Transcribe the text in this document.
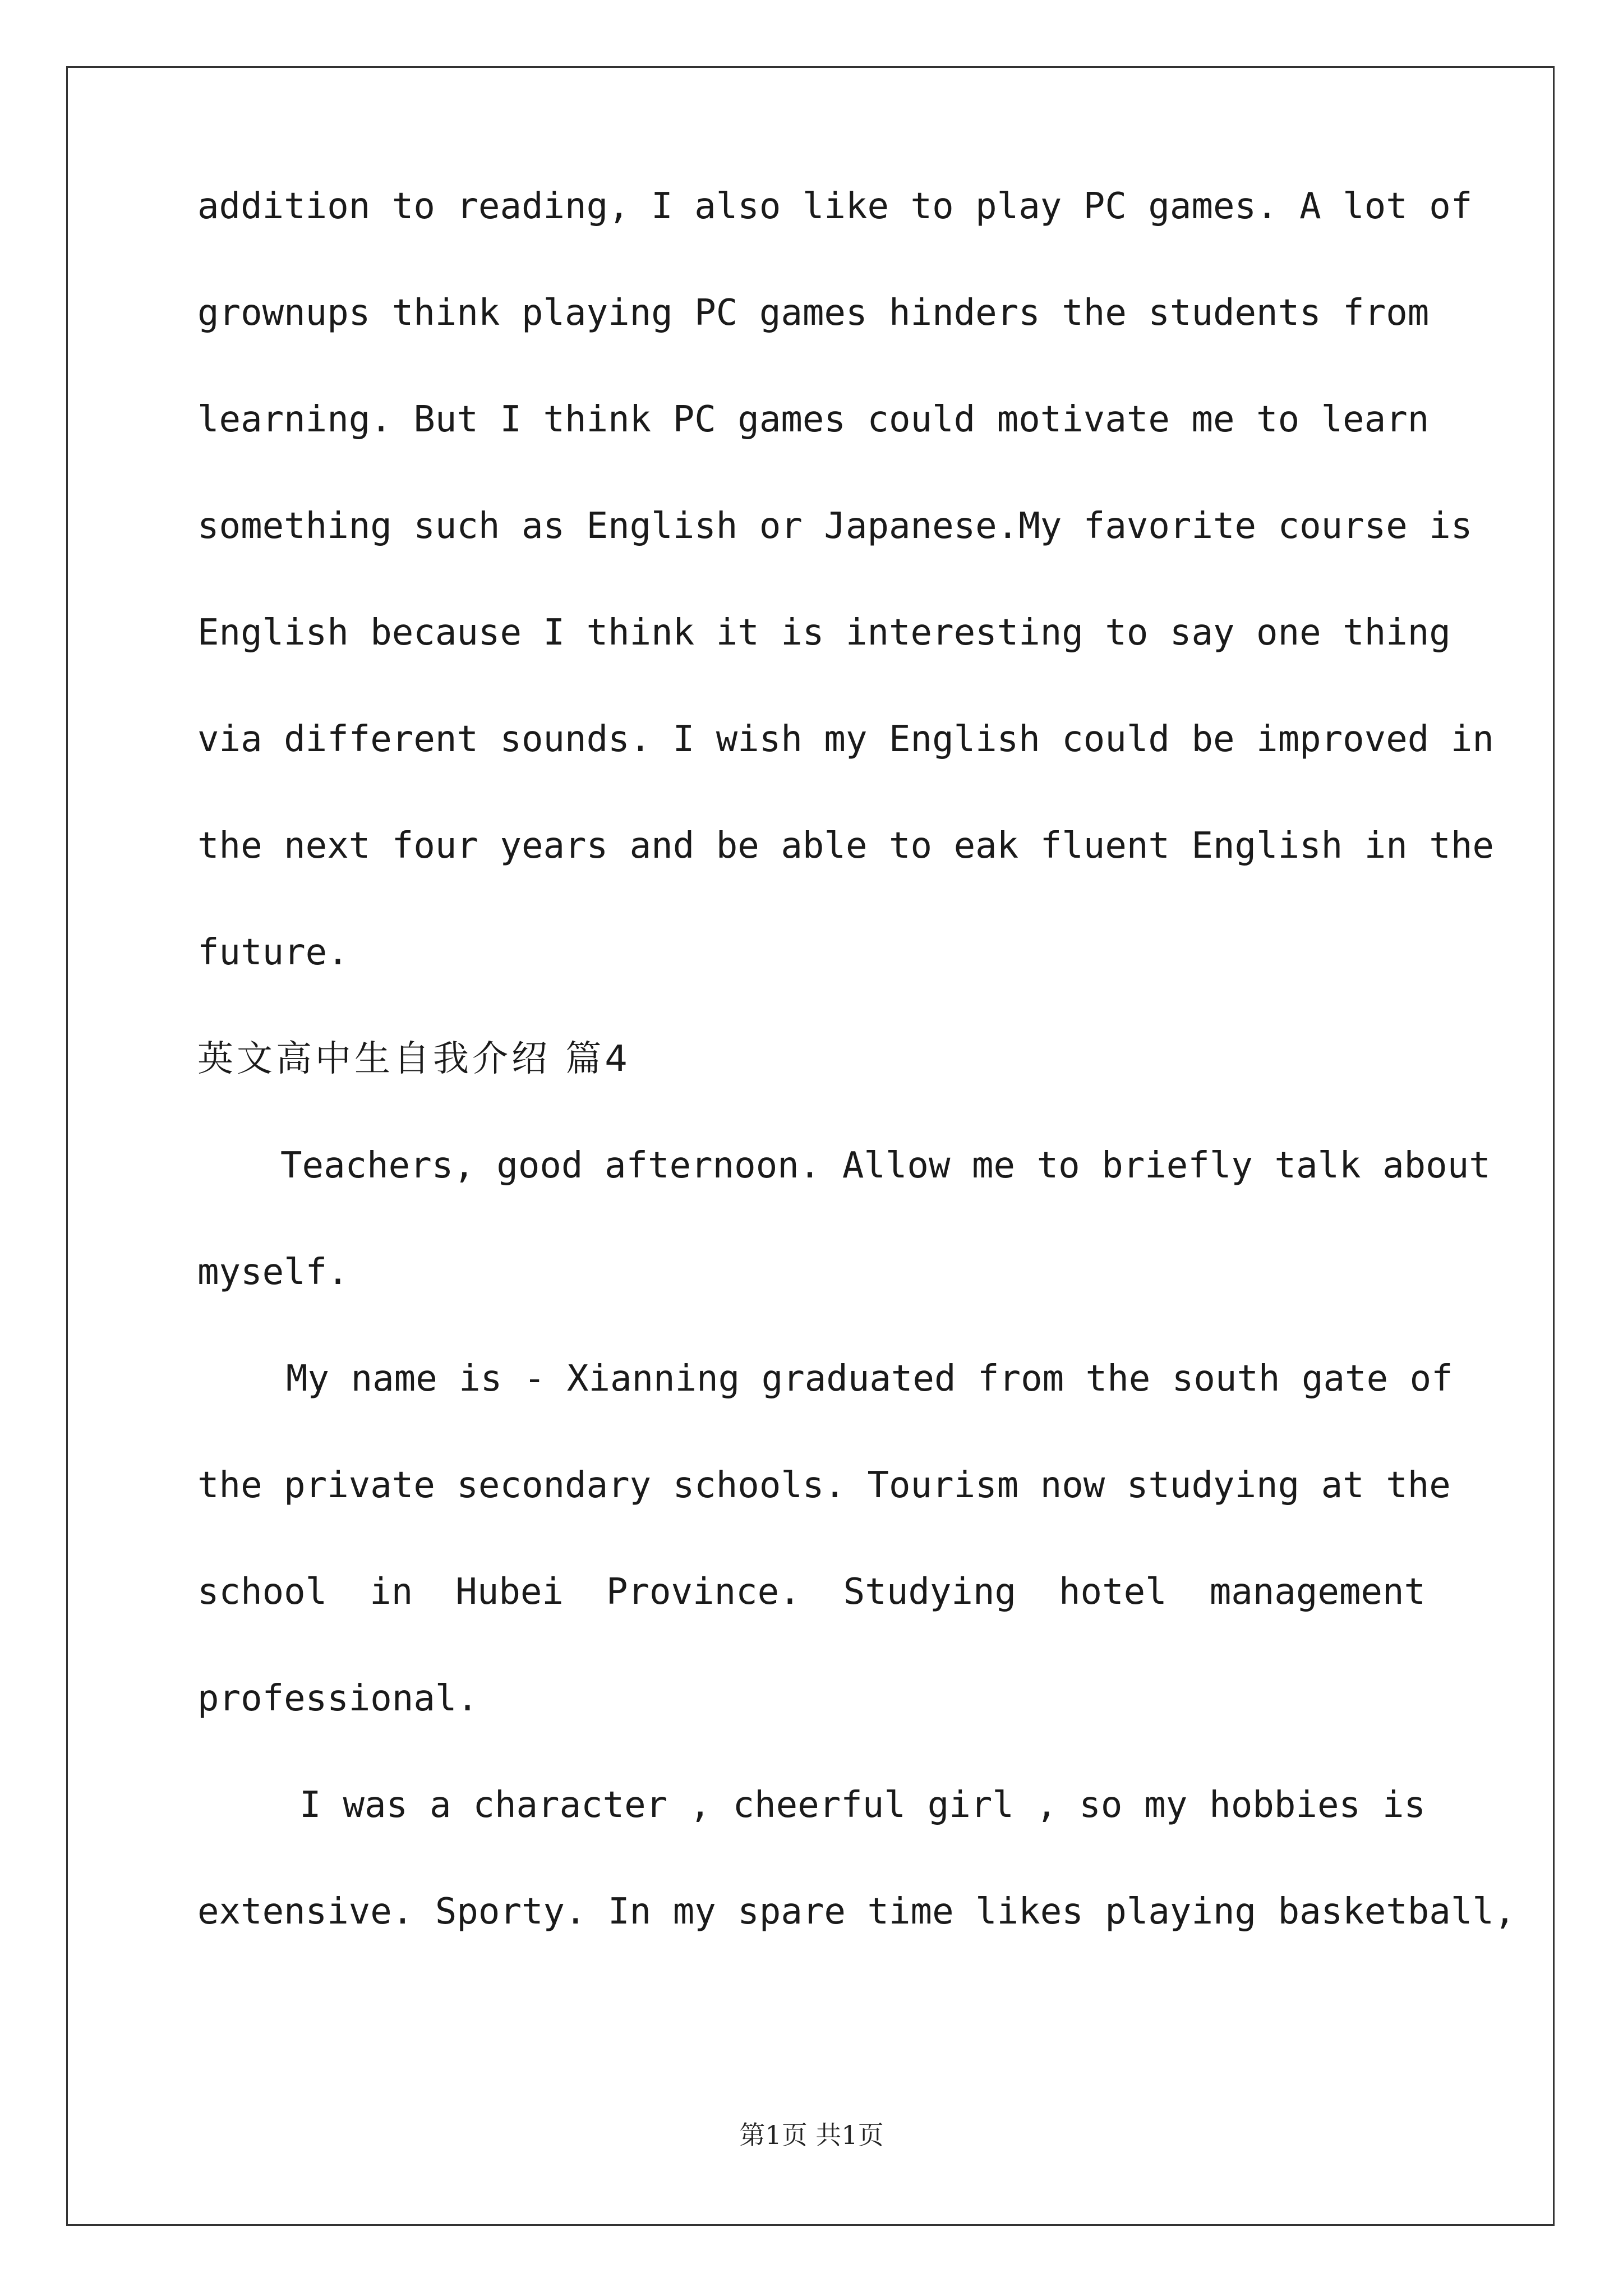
addition to reading, I also like to play PC games. A lot of
grownups think playing PC games hinders the students from
learning. But I think PC games could motivate me to learn
something such as English or Japanese.My favorite course is
English because I think it is interesting to say one thing
via different sounds. I wish my English could be improved in
the next four years and be able to eak fluent English in the
future.
英文高中生自我介绍 篇4
Teachers, good afternoon. Allow me to briefly talk about
myself.
My name is - Xianning graduated from the south gate of
the private secondary schools. Tourism now studying at the
school in Hubei Province. Studying hotel management
professional.
I was a character , cheerful girl , so my hobbies is
extensive. Sporty. In my spare time likes playing basketball,
第1页 共1页
